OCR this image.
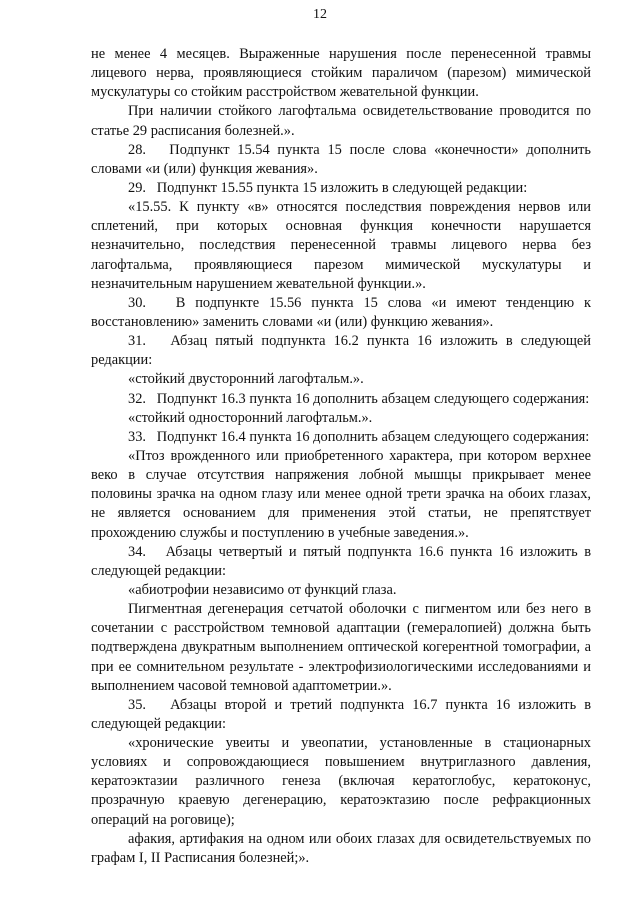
12

не менее 4 месяцев. Выраженные нарушения после перенесенной травмы лицевого нерва, проявляющиеся стойким параличом (парезом) мимической мускулатуры со стойким расстройством жевательной функции.

При наличии стойкого лагофтальма освидетельствование проводится по статье 29 расписания болезней.».

28.   Подпункт 15.54 пункта 15 после слова «конечности» дополнить словами «и (или) функция жевания».

29.   Подпункт 15.55 пункта 15 изложить в следующей редакции:

«15.55. К пункту «в» относятся последствия повреждения нервов или сплетений, при которых основная функция конечности нарушается незначительно, последствия перенесенной травмы лицевого нерва без лагофтальма, проявляющиеся парезом мимической мускулатуры и незначительным нарушением жевательной функции.».

30.   В подпункте 15.56 пункта 15 слова «и имеют тенденцию к восстановлению» заменить словами «и (или) функцию жевания».

31.   Абзац пятый подпункта 16.2 пункта 16 изложить в следующей редакции:

«стойкий двусторонний лагофтальм.».

32.   Подпункт 16.3 пункта 16 дополнить абзацем следующего содержания:

«стойкий односторонний лагофтальм.».

33.   Подпункт 16.4 пункта 16 дополнить абзацем следующего содержания:

«Птоз врожденного или приобретенного характера, при котором верхнее веко в случае отсутствия напряжения лобной мышцы прикрывает менее половины зрачка на одном глазу или менее одной трети зрачка на обоих глазах, не является основанием для применения этой статьи, не препятствует прохождению службы и поступлению в учебные заведения.».

34.   Абзацы четвертый и пятый подпункта 16.6 пункта 16 изложить в следующей редакции:

«абиотрофии независимо от функций глаза.

Пигментная дегенерация сетчатой оболочки с пигментом или без него в сочетании с расстройством темновой адаптации (гемералопией) должна быть подтверждена двукратным выполнением оптической когерентной томографии, а при ее сомнительном результате - электрофизиологическими исследованиями и выполнением часовой темновой адаптометрии.».

35.   Абзацы второй и третий подпункта 16.7 пункта 16 изложить в следующей редакции:

«хронические увеиты и увеопатии, установленные в стационарных условиях и сопровождающиеся повышением внутриглазного давления, кератоэктазии различного генеза (включая кератоглобус, кератоконус, прозрачную краевую дегенерацию, кератоэктазию после рефракционных операций на роговице);

афакия, артифакия на одном или обоих глазах для освидетельствуемых по графам I, II Расписания болезней;».
